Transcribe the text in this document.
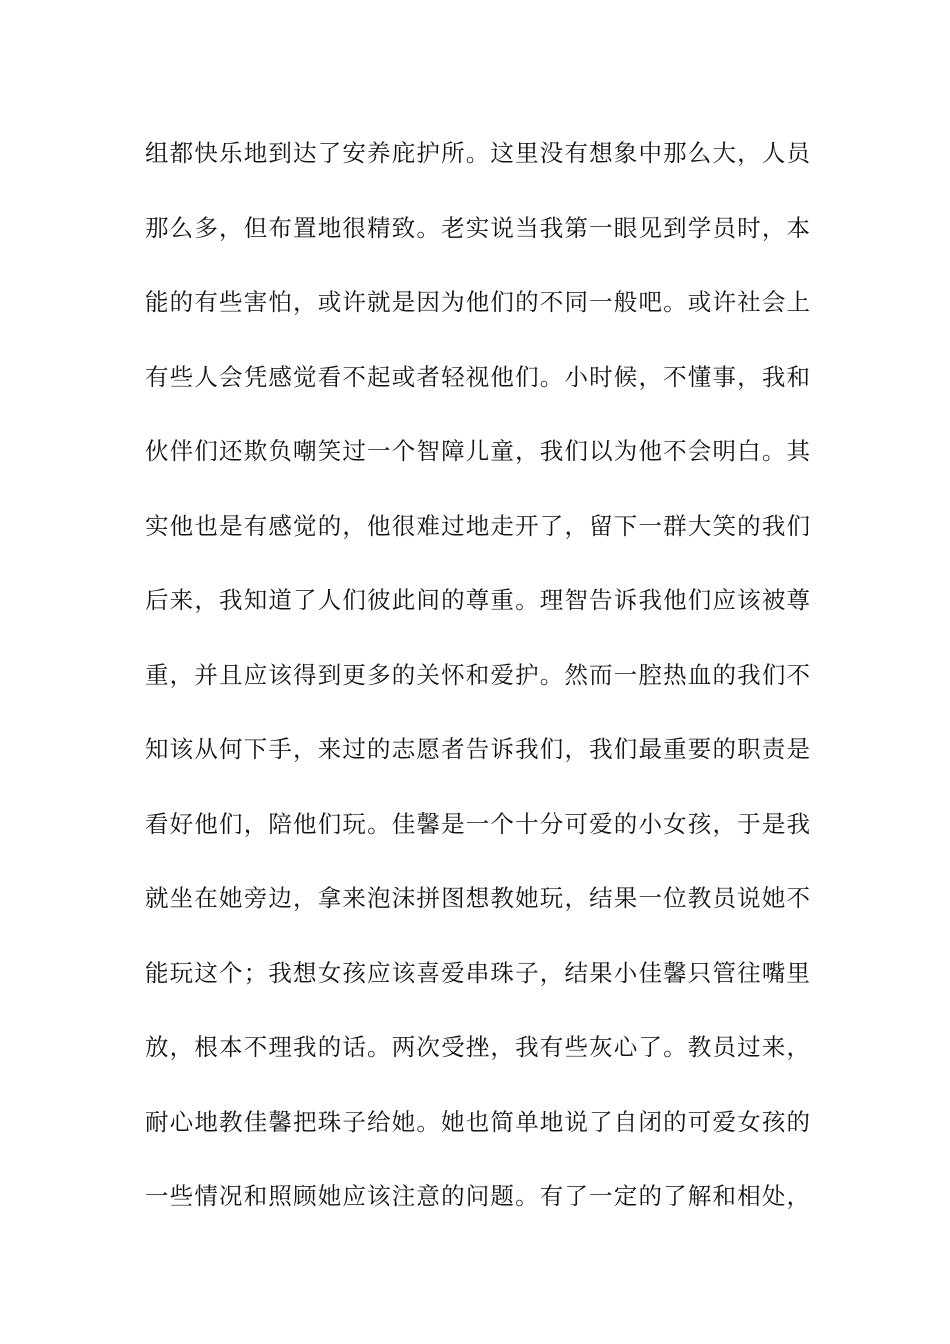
组都快乐地到达了安养庇护所。这里没有想象中那么大，人员
那么多，但布置地很精致。老实说当我第一眼见到学员时，本
能的有些害怕，或许就是因为他们的不同一般吧。或许社会上
有些人会凭感觉看不起或者轻视他们。小时候，不懂事，我和
伙伴们还欺负嘲笑过一个智障儿童，我们以为他不会明白。其
实他也是有感觉的，他很难过地走开了，留下一群大笑的我们
后来，我知道了人们彼此间的尊重。理智告诉我他们应该被尊
重，并且应该得到更多的关怀和爱护。然而一腔热血的我们不
知该从何下手，来过的志愿者告诉我们，我们最重要的职责是
看好他们，陪他们玩。佳馨是一个十分可爱的小女孩，于是我
就坐在她旁边，拿来泡沫拼图想教她玩，结果一位教员说她不
能玩这个；我想女孩应该喜爱串珠子，结果小佳馨只管往嘴里
放，根本不理我的话。两次受挫，我有些灰心了。教员过来，
耐心地教佳馨把珠子给她。她也简单地说了自闭的可爱女孩的
一些情况和照顾她应该注意的问题。有了一定的了解和相处，
